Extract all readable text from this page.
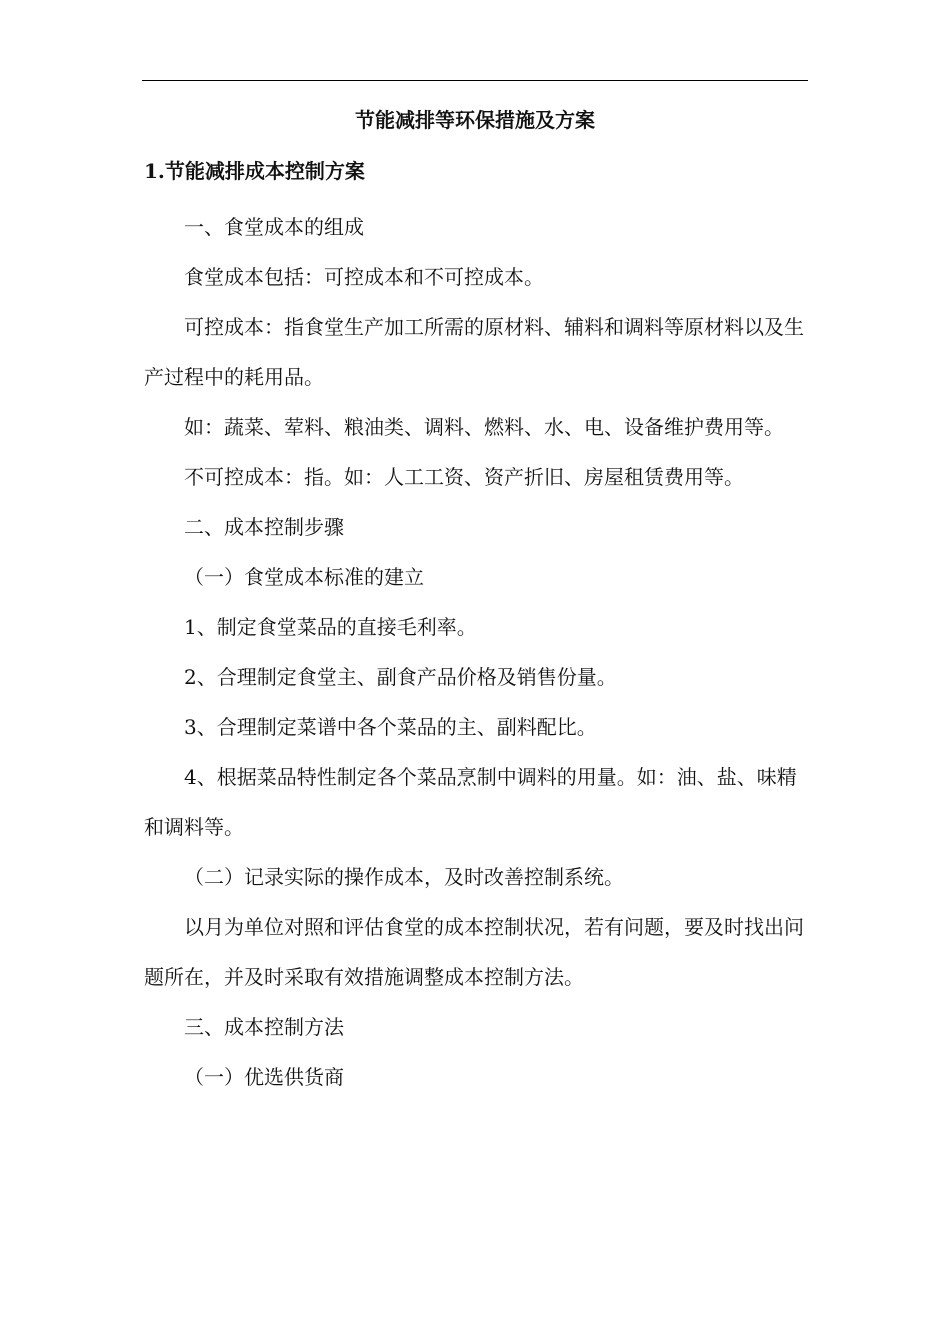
节能减排等环保措施及方案
1.节能减排成本控制方案

一、食堂成本的组成

食堂成本包括：可控成本和不可控成本。

可控成本：指食堂生产加工所需的原材料、辅料和调料等原材料以及生产过程中的耗用品。

如：蔬菜、荤料、粮油类、调料、燃料、水、电、设备维护费用等。

不可控成本：指。如：人工工资、资产折旧、房屋租赁费用等。

二、成本控制步骤

（一）食堂成本标准的建立

1、制定食堂菜品的直接毛利率。

2、合理制定食堂主、副食产品价格及销售份量。

3、合理制定菜谱中各个菜品的主、副料配比。

4、根据菜品特性制定各个菜品烹制中调料的用量。如：油、盐、味精和调料等。

（二）记录实际的操作成本，及时改善控制系统。

以月为单位对照和评估食堂的成本控制状况，若有问题，要及时找出问题所在，并及时采取有效措施调整成本控制方法。

三、成本控制方法

（一）优选供货商
